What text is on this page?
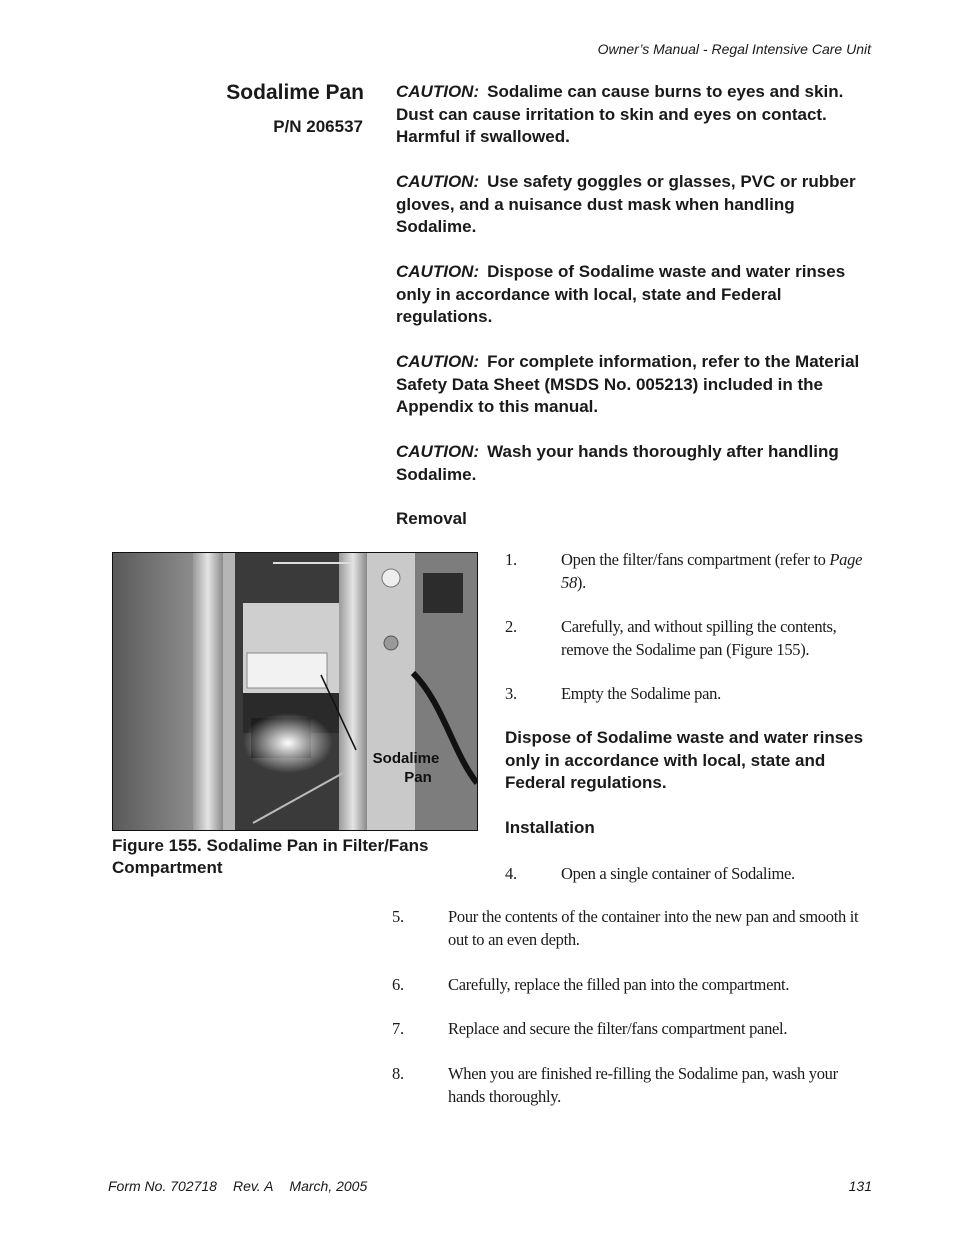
Owner’s Manual - Regal Intensive Care Unit
Sodalime Pan
P/N 206537
CAUTION: Sodalime can cause burns to eyes and skin. Dust can cause irritation to skin and eyes on contact. Harmful if swallowed.
CAUTION: Use safety goggles or glasses, PVC or rubber gloves, and a nuisance dust mask when handling Sodalime.
CAUTION: Dispose of Sodalime waste and water rinses only in accordance with local, state and Federal regulations.
CAUTION: For complete information, refer to the Material Safety Data Sheet (MSDS No. 005213) included in the Appendix to this manual.
CAUTION: Wash your hands thoroughly after handling Sodalime.
Removal
Sodalime
Pan
Figure 155. Sodalime Pan in Filter/Fans Compartment
1.	Open the filter/fans compartment (refer to Page 58).
2.	Carefully, and without spilling the contents, remove the Sodalime pan (Figure 155).
3.	Empty the Sodalime pan.
Dispose of Sodalime waste and water rinses only in accordance with local, state and Federal regulations.
Installation
4.	Open a single container of Sodalime.
5.	Pour the contents of the container into the new pan and smooth it out to an even depth.
6.	Carefully, replace the filled pan into the compartment.
7.	Replace and secure the filter/fans compartment panel.
8.	When you are finished re-filling the Sodalime pan, wash your hands thoroughly.
Form No. 702718 Rev. A March, 2005	131
